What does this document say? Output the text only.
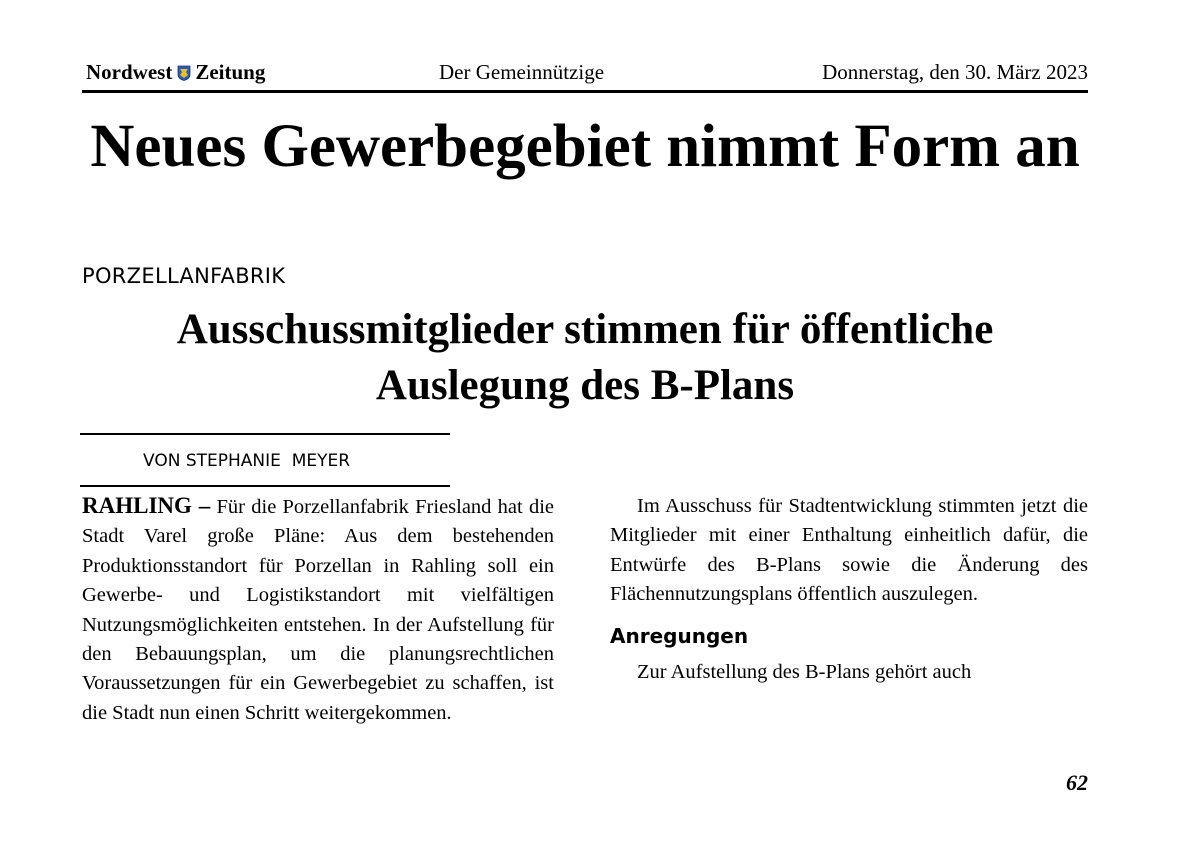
Nordwest Zeitung	Der Gemeinnützige	Donnerstag, den 30. März 2023
Neues Gewerbegebiet nimmt Form an
PORZELLANFABRIK
Ausschussmitglieder stimmen für öffentliche Auslegung des B-Plans
VON STEPHANIE  MEYER

RAHLING – Für die Porzellanfabrik Friesland hat die Stadt Varel große Pläne: Aus dem bestehenden Produktionsstandort für Porzellan in Rahling soll ein Gewerbe- und Logistikstandort mit vielfältigen Nutzungsmöglichkeiten entstehen. In der Aufstellung für den Bebauungsplan, um die planungsrechtlichen Voraussetzungen für ein Gewerbegebiet zu schaffen, ist die Stadt nun einen Schritt weitergekommen.

Im Ausschuss für Stadtentwicklung stimmten jetzt die Mitglieder mit einer Enthaltung einheitlich dafür, die Entwürfe des B-Plans sowie die Änderung des Flächennutzungsplans öffentlich auszulegen.

Anregungen

Zur Aufstellung des B-Plans gehört auch

62
